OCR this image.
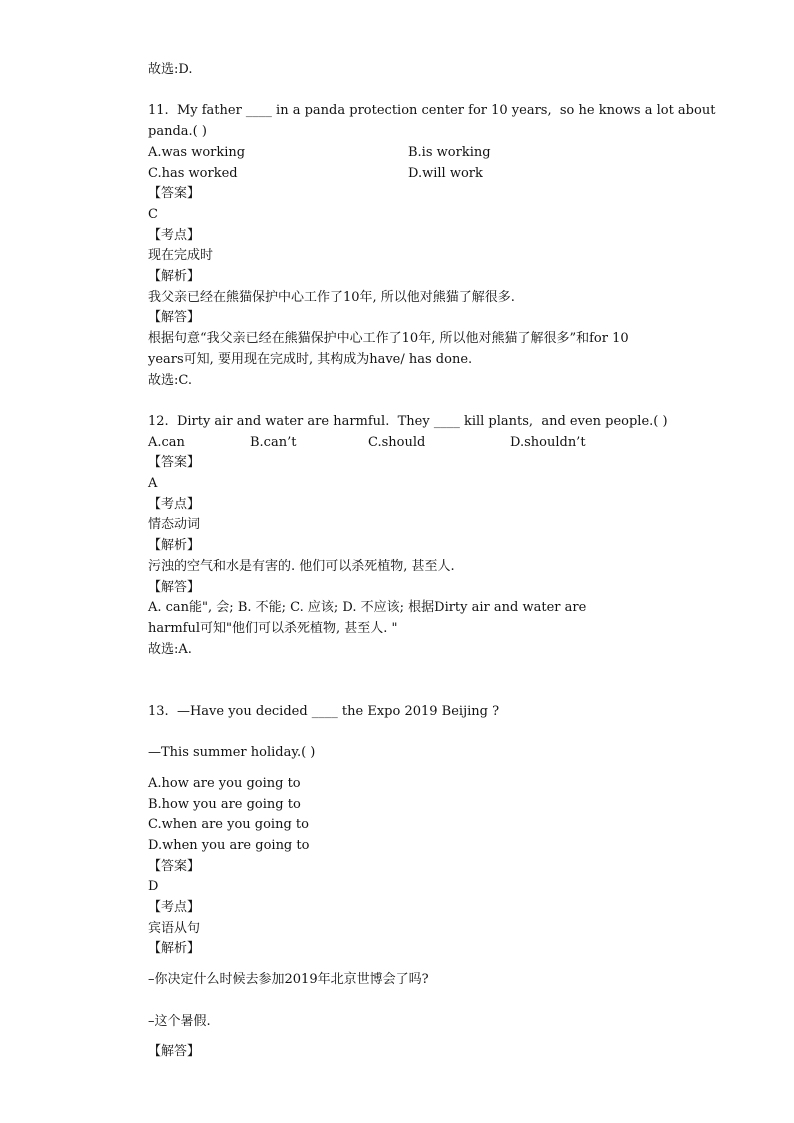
故选:D.
11.  My father ____ in a panda protection center for 10 years,  so he knows a lot about
panda.( )
A.was working	B.is working
C.has worked	D.will work
【答案】
C
【考点】
现在完成时
【解析】
我父亲已经在熊猫保护中心工作了10年, 所以他对熊猫了解很多.
【解答】
根据句意“我父亲已经在熊猫保护中心工作了10年, 所以他对熊猫了解很多”和for 10
years可知, 要用现在完成时, 其构成为have/ has done.
故选:C.
12.  Dirty air and water are harmful.  They ____ kill plants,  and even people.( )
A.can	B.can’t	C.should	D.shouldn’t
【答案】
A
【考点】
情态动词
【解析】
污浊的空气和水是有害的. 他们可以杀死植物, 甚至人.
【解答】
A. can能", 会; B. 不能; C. 应该; D. 不应该; 根据Dirty air and water are
harmful可知"他们可以杀死植物, 甚至人. "
故选:A.
13.  —Have you decided ____ the Expo 2019 Beijing ?
—This summer holiday.( )
A.how are you going to
B.how you are going to
C.when are you going to
D.when you are going to
【答案】
D
【考点】
宾语从句
【解析】
–你决定什么时候去参加2019年北京世博会了吗?
–这个暑假.
【解答】
